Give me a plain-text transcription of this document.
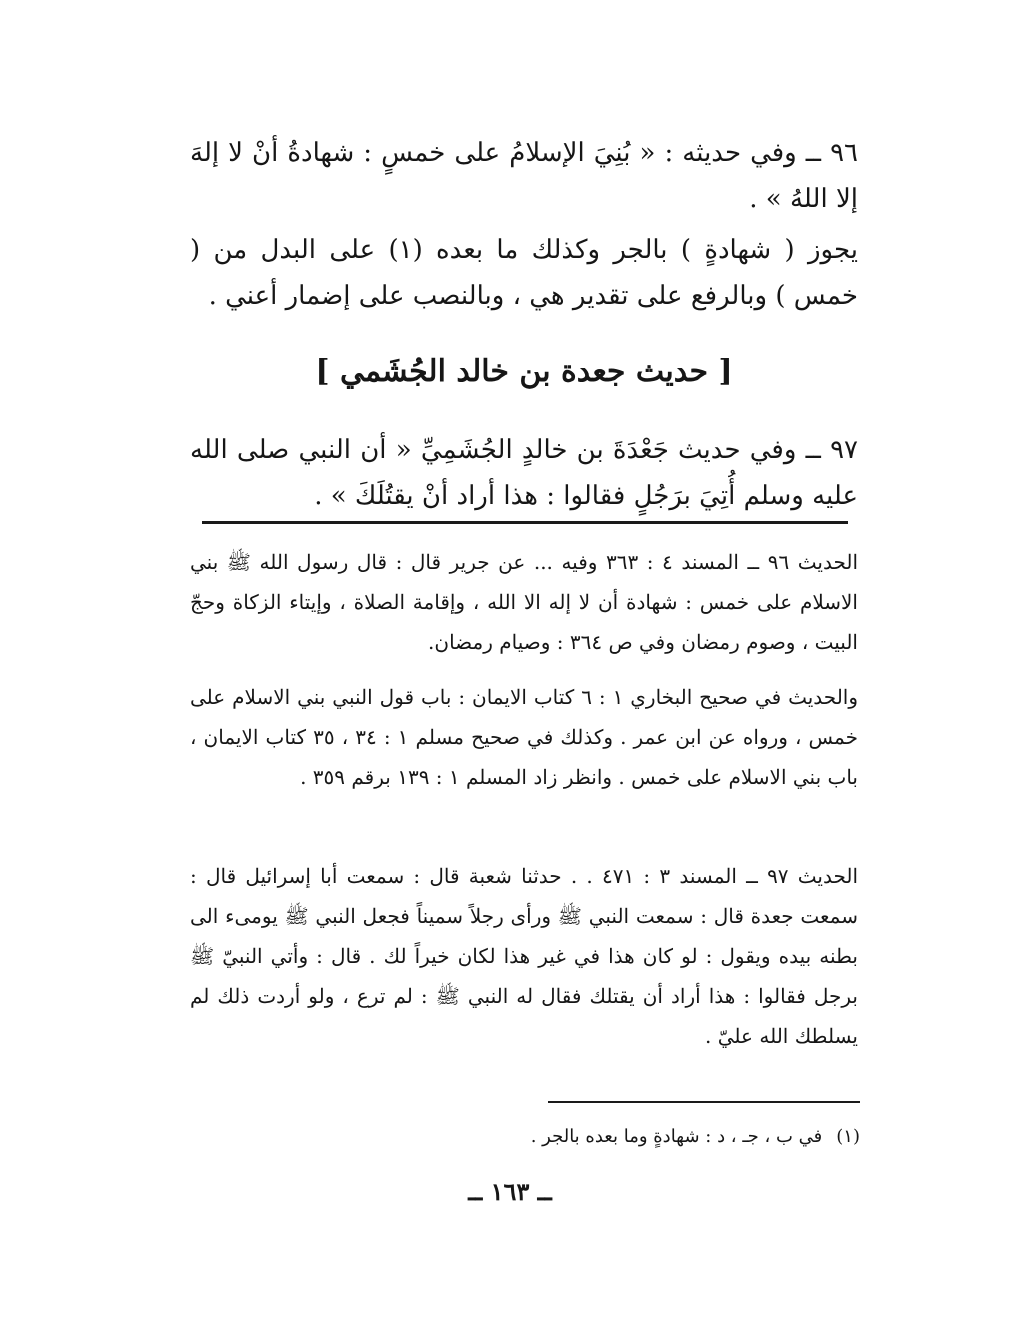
٩٦ ــ وفي حديثه : « بُنِيَ الإسلامُ على خمسٍ : شهادةُ أنْ لا إلهَ إلا اللهُ » .

يجوز ( شهادةٍ ) بالجر وكذلك ما بعده (١) على البدل من ( خمس ) وبالرفع على تقدير هي ، وبالنصب على إضمار أعني .

[ حديث جعدة بن خالد الجُشَمي ]

٩٧ ــ وفي حديث جَعْدَةَ بن خالدٍ الجُشَمِيِّ « أن النبي صلى الله عليه وسلم أُتِيَ برَجُلٍ فقالوا : هذا أراد أنْ يقتُلَكَ » .

الحديث ٩٦ ــ المسند ٤ : ٣٦٣ وفيه ... عن جرير قال : قال رسول الله ﷺ بني الاسلام على خمس : شهادة أن لا إله الا الله ، وإقامة الصلاة ، وإيتاء الزكاة وحجّ البيت ، وصوم رمضان وفي ص ٣٦٤ : وصيام رمضان.

والحديث في صحيح البخاري ١ : ٦ كتاب الايمان : باب قول النبي بني الاسلام على خمس ، ورواه عن ابن عمر . وكذلك في صحيح مسلم ١ : ٣٤ ، ٣٥ كتاب الايمان ، باب بني الاسلام على خمس . وانظر زاد المسلم ١ : ١٣٩ برقم ٣٥٩ .

الحديث ٩٧ ــ المسند ٣ : ٤٧١ . . حدثنا شعبة قال : سمعت أبا إسرائيل قال : سمعت جعدة قال : سمعت النبي ﷺ ورأى رجلاً سميناً فجعل النبي ﷺ يومىء الى بطنه بيده ويقول : لو كان هذا في غير هذا لكان خيراً لك . قال : وأتي النبيّ ﷺ برجل فقالوا : هذا أراد أن يقتلك فقال له النبي ﷺ : لم ترع ، ولو أردت ذلك لم يسلطك الله عليّ .

(١)في ب ، جـ ، د : شهادةٍ وما بعده بالجر .
ــ ١٦٣ ــ
